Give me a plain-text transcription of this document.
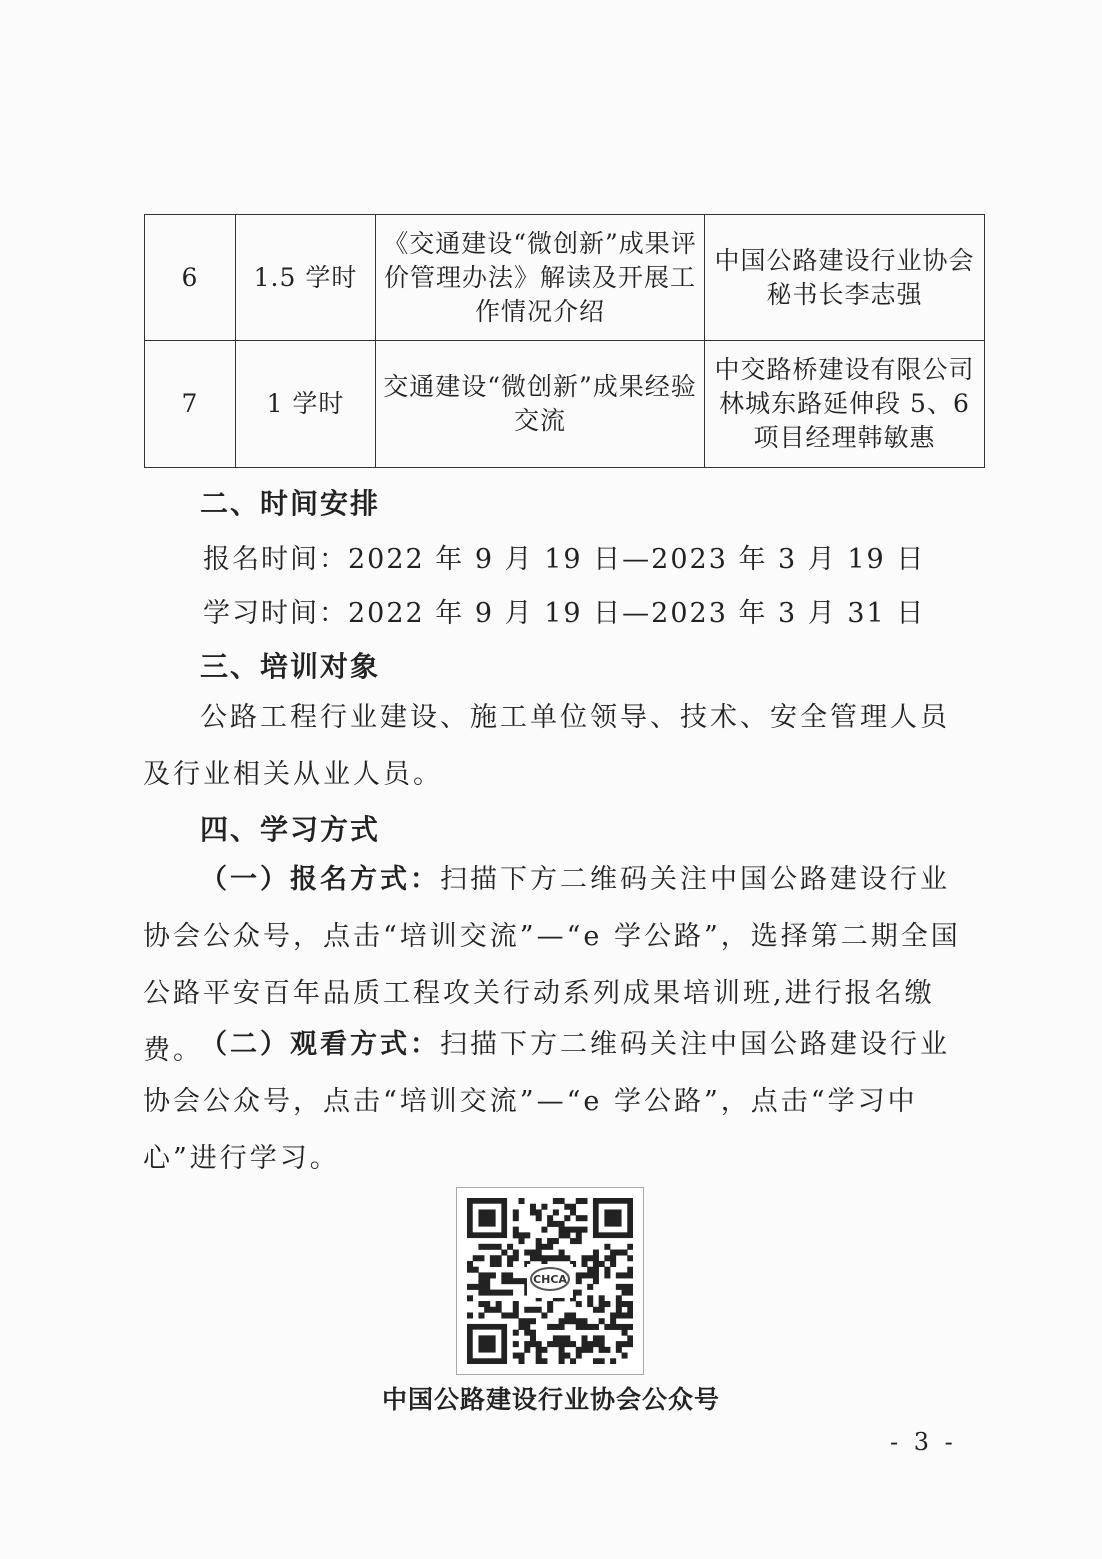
6	1.5 学时	《交通建设“微创新”成果评价管理办法》解读及开展工作情况介绍	中国公路建设行业协会秘书长李志强
7	1 学时	交通建设“微创新”成果经验交流	中交路桥建设有限公司林城东路延伸段 5、6 项目经理韩敏惠
二、时间安排
报名时间：2022 年 9 月 19 日—2023 年 3 月 19 日
学习时间：2022 年 9 月 19 日—2023 年 3 月 31 日
三、培训对象
公路工程行业建设、施工单位领导、技术、安全管理人员及行业相关从业人员。
四、学习方式
（一）报名方式：扫描下方二维码关注中国公路建设行业协会公众号，点击“培训交流”—“e 学公路”，选择第二期全国公路平安百年品质工程攻关行动系列成果培训班,进行报名缴费。
（二）观看方式：扫描下方二维码关注中国公路建设行业协会公众号，点击“培训交流”—“e 学公路”，点击“学习中心”进行学习。
CHCA
中国公路建设行业协会公众号
- 3 -
